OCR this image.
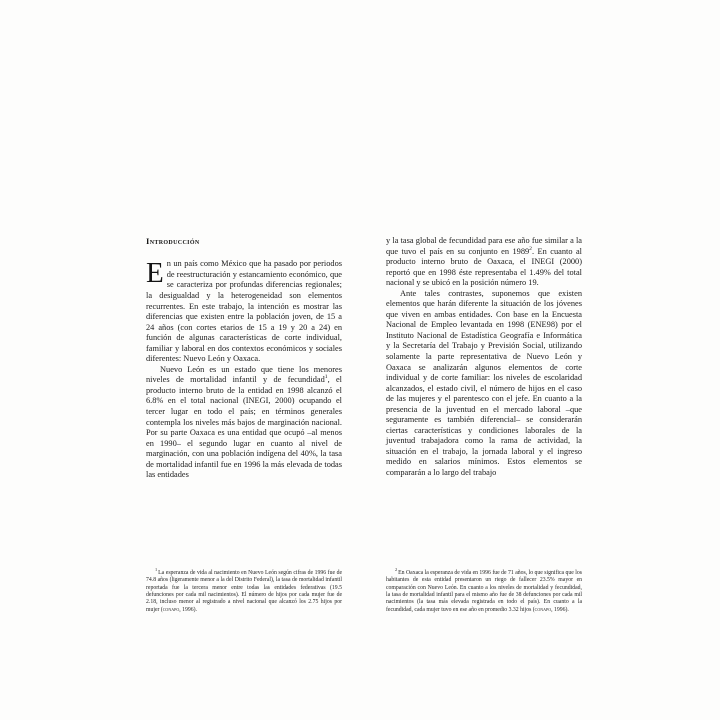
Introducción

En un país como México que ha pasado por periodos de reestructuración y estancamiento económico, que se caracteriza por profundas diferencias regionales; la desigualdad y la heterogeneidad son elementos recurrentes. En este trabajo, la intención es mostrar las diferencias que existen entre la población joven, de 15 a 24 años (con cortes etarios de 15 a 19 y 20 a 24) en función de algunas características de corte individual, familiar y laboral en dos contextos económicos y sociales diferentes: Nuevo León y Oaxaca.

Nuevo León es un estado que tiene los menores niveles de mortalidad infantil y de fecundidad$^1$, el producto interno bruto de la entidad en 1998 alcanzó el 6.8% en el total nacional (INEGI, 2000) ocupando el tercer lugar en todo el país; en términos generales contempla los niveles más bajos de marginación nacional. Por su parte Oaxaca es una entidad que ocupó –al menos en 1990– el segundo lugar en cuanto al nivel de marginación, con una población indígena del 40%, la tasa de mortalidad infantil fue en 1996 la más elevada de todas las entidades

y la tasa global de fecundidad para ese año fue similar a la que tuvo el país en su conjunto en 1989$^2$. En cuanto al producto interno bruto de Oaxaca, el INEGI (2000) reportó que en 1998 éste representaba el 1.49% del total nacional y se ubicó en la posición número 19.

Ante tales contrastes, suponemos que existen elementos que harán diferente la situación de los jóvenes que viven en ambas entidades. Con base en la Encuesta Nacional de Empleo levantada en 1998 (ENE98) por el Instituto Nacional de Estadística Geografía e Informática y la Secretaría del Trabajo y Previsión Social, utilizando solamente la parte representativa de Nuevo León y Oaxaca se analizarán algunos elementos de corte individual y de corte familiar: los niveles de escolaridad alcanzados, el estado civil, el número de hijos en el caso de las mujeres y el parentesco con el jefe. En cuanto a la presencia de la juventud en el mercado laboral –que seguramente es también diferencial– se considerarán ciertas características y condiciones laborales de la juventud trabajadora como la rama de actividad, la situación en el trabajo, la jornada laboral y el ingreso medido en salarios mínimos. Estos elementos se compararán a lo largo del trabajo

$^1$La esperanza de vida al nacimiento en Nuevo León según cifras de 1996 fue de 74.8 años (ligeramente menor a la del Distrito Federal), la tasa de mortalidad infantil reportada fue la tercera menor entre todas las entidades federativas (19.5 defunciones por cada mil nacimientos). El número de hijos por cada mujer fue de 2.18, incluso menor al registrado a nivel nacional que alcanzó los 2.75 hijos por mujer (conapo, 1996).

$^2$En Oaxaca la esperanza de vida en 1996 fue de 71 años, lo que significa que los habitantes de esta entidad presentaron un riego de fallecer 23.5% mayor en comparación con Nuevo León. En cuanto a los niveles de mortalidad y fecundidad, la tasa de mortalidad infantil para el mismo año fue de 38 defunciones por cada mil nacimientos (la tasa más elevada registrada en todo el país). En cuanto a la fecundidad, cada mujer tuvo en ese año en promedio 3.32 hijos (conapo, 1996).
